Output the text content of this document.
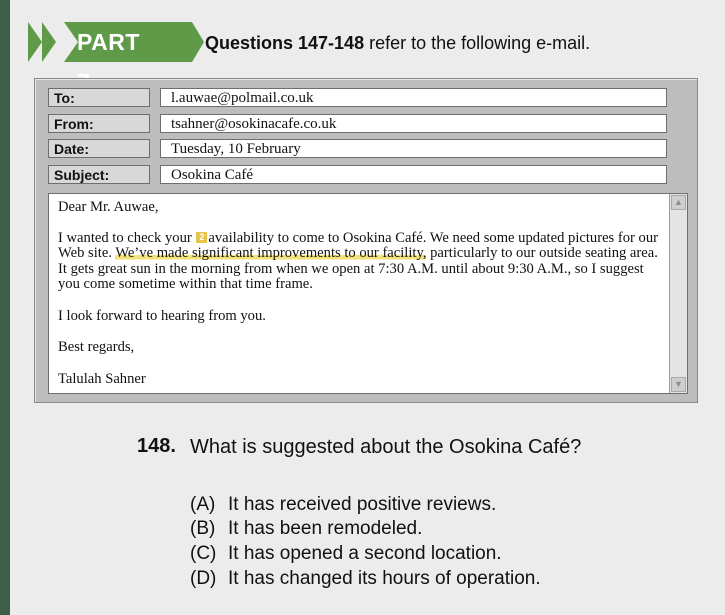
PART	Questions 147-148 refer to the following e-mail.
To:	l.auwae@polmail.co.uk
From:	tsahner@osokinacafe.co.uk
Date:	Tuesday, 10 February
Subject:	Osokina Café

Dear Mr. Auwae,

I wanted to check your 2 availability to come to Osokina Café. We need some updated pictures for our Web site. We’ve made significant improvements to our facility, particularly to our outside seating area. It gets great sun in the morning from when we open at 7:30 A.M. until about 9:30 A.M., so I suggest you come sometime within that time frame.

I look forward to hearing from you.

Best regards,

Talulah Sahner

▲
▼
148. What is suggested about the Osokina Café?
(A) It has received positive reviews.
(B) It has been remodeled.
(C) It has opened a second location.
(D) It has changed its hours of operation.
